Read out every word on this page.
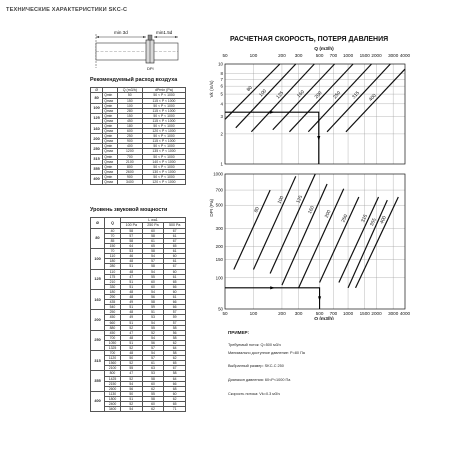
ТЕХНИЧЕСКИЕ ХАРАКТЕРИСТИКИ SKC-C
min 3d	min1.5d
DPI
Рекомендуемый расход воздуха
Ø		Q (m3/h)	dPmin (Pa)
80	Qmin	50	50 < P < 1000
	Qmax	150	115 < P < 1000
100	Qmin	100	50 < P < 1000
	Qmax	280	115 < P < 1000
125	Qmin	150	50 < P < 1000
	Qmax	450	115 < P < 1000
160	Qmin	180	50 < P < 1000
	Qmax	600	120 < P < 1000
200	Qmin	250	50 < P < 1000
	Qmax	900	115 < P < 1000
250	Qmin	400	50 < P < 1000
	Qmax	1200	135 < P < 1000
315	Qmin	700	50 < P < 1000
	Qmax	2100	140 < P < 1000
355	Qmin	800	50 < P < 1000
	Qmax	2600	130 < P < 1000
400	Qmin	900	50 < P < 1000
	Qmax	3400	120 < P < 1000
Уровень звуковой мощности
Ø	Q	L wa1		
		100 Pa	250 Pa	500 Pa
80	40	58	60	67
	70	57	58	61
	85	58	61	67
	150	64	65	65
100	70	53	58	61
	110	46	54	60
	180	48	57	61
	280	51	58	67
125	110	48	54	60
	175	47	55	61
	210	51	60	65
	330	51	60	66
160	180	48	54	60
	290	48	56	61
	435	49	58	66
	540	51	59	66
200	250	48	51	57
	450	49	53	59
	660	51	54	57
	880	52	55	58
250	450	47	52	56
	700	48	54	58
	1050	51	56	62
	1325	52	57	64
315	700	48	54	58
	1120	50	57	62
	1560	52	61	65
	2100	55	63	67
355	800	47	53	58
	1425	52	58	64
	2150	54	60	66
	2600	56	62	68
400	1130	50	55	60
	1800	51	58	62
	2400	52	60	65
	3400	54	62	71
РАСЧЕТНАЯ СКОРОСТЬ, ПОТЕРЯ ДАВЛЕНИЯ
50	100	200 300	500 700 1000 1500 2000 3000 4000
1
2
3
4
5
6
7
8
10
Q (m3/h)
Vk (m/s)	80 100 125 160 200 250 315 400
50	100	200 300	500 700 1000 1500 2000 3000 4000
50
100
150
200
300
500
700
1000
Q (m3/h)
DPI (Pa)	80
100 125
160 200 250 315 355 400
ПРИМЕР:
Требуемый поток: Q=500 м3/ч
Минимально доступное давление: P=80 Па
Выбранный размер: SKC-C 250
Диапазон давления: 60<P<1000 Па
Скорость потока: Vk=0.3 м3/ч
